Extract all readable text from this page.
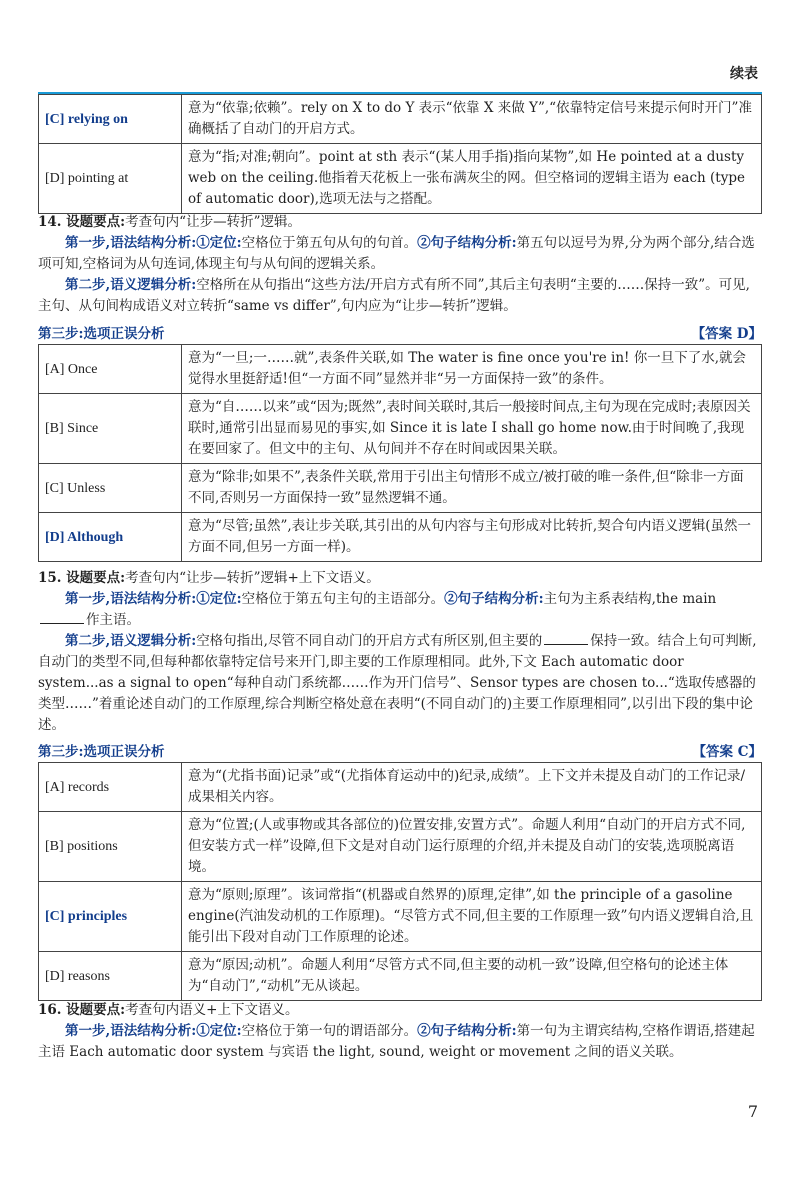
续表
[C] relying on	意为“依靠;依赖”。rely on X to do Y 表示“依靠 X 来做 Y”,“依靠特定信号来提示何时开门”准确概括了自动门的开启方式。
[D] pointing at	意为“指;对准;朝向”。point at sth 表示“(某人用手指)指向某物”,如 He pointed at a dusty web on the ceiling.他指着天花板上一张布满灰尘的网。但空格词的逻辑主语为 each (type of automatic door),选项无法与之搭配。

14. 设题要点:考查句内“让步—转折”逻辑。

第一步,语法结构分析:①定位:空格位于第五句从句的句首。②句子结构分析:第五句以逗号为界,分为两个部分,结合选项可知,空格词为从句连词,体现主句与从句间的逻辑关系。

第二步,语义逻辑分析:空格所在从句指出“这些方法/开启方式有所不同”,其后主句表明“主要的……保持一致”。可见,主句、从句间构成语义对立转折“same vs differ”,句内应为“让步—转折”逻辑。

第三步:选项正误分析	【答案 D】
[A] Once	意为“一旦;一……就”,表条件关联,如 The water is fine once you're in! 你一旦下了水,就会觉得水里挺舒适!但“一方面不同”显然并非“另一方面保持一致”的条件。
[B] Since	意为“自……以来”或“因为;既然”,表时间关联时,其后一般接时间点,主句为现在完成时;表原因关联时,通常引出显而易见的事实,如 Since it is late I shall go home now.由于时间晚了,我现在要回家了。但文中的主句、从句间并不存在时间或因果关联。
[C] Unless	意为“除非;如果不”,表条件关联,常用于引出主句情形不成立/被打破的唯一条件,但“除非一方面不同,否则另一方面保持一致”显然逻辑不通。
[D] Although	意为“尽管;虽然”,表让步关联,其引出的从句内容与主句形成对比转折,契合句内语义逻辑(虽然一方面不同,但另一方面一样)。

15. 设题要点:考查句内“让步—转折”逻辑+上下文语义。

第一步,语法结构分析:①定位:空格位于第五句主句的主语部分。②句子结构分析:主句为主系表结构,the main作主语。

第二步,语义逻辑分析:空格句指出,尽管不同自动门的开启方式有所区别,但主要的	保持一致。结合上句可判断,自动门的类型不同,但每种都依靠特定信号来开门,即主要的工作原理相同。此外,下文 Each automatic door system...as a signal to open“每种自动门系统都……作为开门信号”、Sensor types are chosen to...“选取传感器的类型……”着重论述自动门的工作原理,综合判断空格处意在表明“(不同自动门的)主要工作原理相同”,以引出下段的集中论述。

第三步:选项正误分析	【答案 C】
[A] records	意为“(尤指书面)记录”或“(尤指体育运动中的)纪录,成绩”。上下文并未提及自动门的工作记录/成果相关内容。
[B] positions	意为“位置;(人或事物或其各部位的)位置安排,安置方式”。命题人利用“自动门的开启方式不同,但安装方式一样”设障,但下文是对自动门运行原理的介绍,并未提及自动门的安装,选项脱离语境。
[C] principles	意为“原则;原理”。该词常指“(机器或自然界的)原理,定律”,如 the principle of a gasoline engine(汽油发动机的工作原理)。“尽管方式不同,但主要的工作原理一致”句内语义逻辑自洽,且能引出下段对自动门工作原理的论述。
[D] reasons	意为“原因;动机”。命题人利用“尽管方式不同,但主要的动机一致”设障,但空格句的论述主体为“自动门”,“动机”无从谈起。

16. 设题要点:考查句内语义+上下文语义。

第一步,语法结构分析:①定位:空格位于第一句的谓语部分。②句子结构分析:第一句为主谓宾结构,空格作谓语,搭建起主语 Each automatic door system 与宾语 the light, sound, weight or movement 之间的语义关联。

7
